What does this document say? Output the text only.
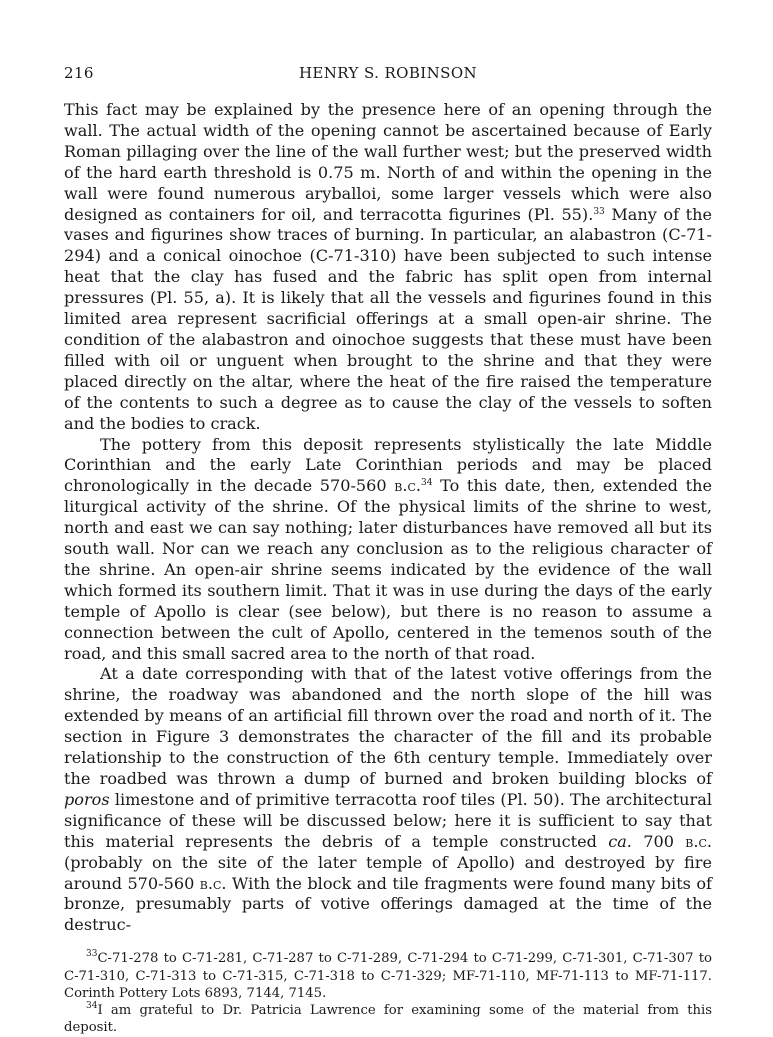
216	HENRY S. ROBINSON

This fact may be explained by the presence here of an opening through the wall. The actual width of the opening cannot be ascertained because of Early Roman pillaging over the line of the wall further west; but the preserved width of the hard earth threshold is 0.75 m. North of and within the opening in the wall were found numerous aryballoi, some larger vessels which were also designed as containers for oil, and terracotta figurines (Pl. 55).$^{33}$ Many of the vases and figurines show traces of burning. In particular, an alabastron (C-71-294) and a conical oinochoe (C-71-310) have been subjected to such intense heat that the clay has fused and the fabric has split open from internal pressures (Pl. 55, a). It is likely that all the vessels and figurines found in this limited area represent sacrificial offerings at a small open-air shrine. The condition of the alabastron and oinochoe suggests that these must have been filled with oil or unguent when brought to the shrine and that they were placed directly on the altar, where the heat of the fire raised the temperature of the contents to such a degree as to cause the clay of the vessels to soften and the bodies to crack.

The pottery from this deposit represents stylistically the late Middle Corinthian and the early Late Corinthian periods and may be placed chronologically in the decade 570-560 b.c.$^{34}$ To this date, then, extended the liturgical activity of the shrine. Of the physical limits of the shrine to west, north and east we can say nothing; later disturbances have removed all but its south wall. Nor can we reach any conclusion as to the religious character of the shrine. An open-air shrine seems indicated by the evidence of the wall which formed its southern limit. That it was in use during the days of the early temple of Apollo is clear (see below), but there is no reason to assume a connection between the cult of Apollo, centered in the temenos south of the road, and this small sacred area to the north of that road.

At a date corresponding with that of the latest votive offerings from the shrine, the roadway was abandoned and the north slope of the hill was extended by means of an artificial fill thrown over the road and north of it. The section in Figure 3 demonstrates the character of the fill and its probable relationship to the construction of the 6th century temple. Immediately over the roadbed was thrown a dump of burned and broken building blocks of poros limestone and of primitive terracotta roof tiles (Pl. 50). The architectural significance of these will be discussed below; here it is sufficient to say that this material represents the debris of a temple constructed ca. 700 b.c. (probably on the site of the later temple of Apollo) and destroyed by fire around 570-560 b.c. With the block and tile fragments were found many bits of bronze, presumably parts of votive offerings damaged at the time of the destruc-

$^{33}$C-71-278 to C-71-281, C-71-287 to C-71-289, C-71-294 to C-71-299, C-71-301, C-71-307 to C-71-310, C-71-313 to C-71-315, C-71-318 to C-71-329; MF-71-110, MF-71-113 to MF-71-117. Corinth Pottery Lots 6893, 7144, 7145.

$^{34}$I am grateful to Dr. Patricia Lawrence for examining some of the material from this deposit.
